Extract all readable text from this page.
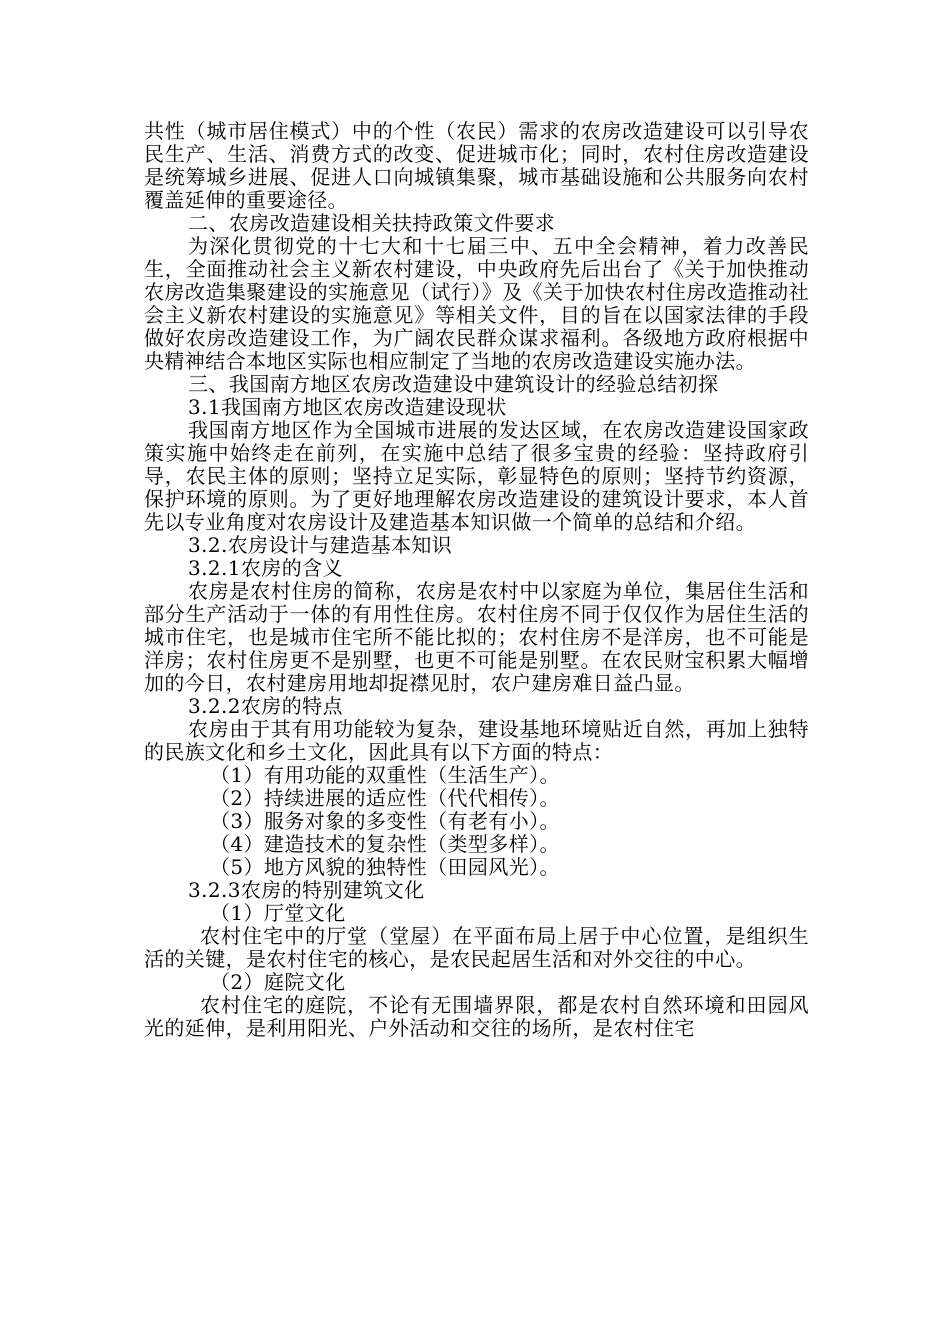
共性（城市居住模式）中的个性（农民）需求的农房改造建设可以引导农民生产、生活、消费方式的改变、促进城市化；同时，农村住房改造建设是统筹城乡进展、促进人口向城镇集聚，城市基础设施和公共服务向农村覆盖延伸的重要途径。

二、农房改造建设相关扶持政策文件要求

为深化贯彻党的十七大和十七届三中、五中全会精神，着力改善民生，全面推动社会主义新农村建设，中央政府先后出台了《关于加快推动农房改造集聚建设的实施意见（试行）》及《关于加快农村住房改造推动社会主义新农村建设的实施意见》等相关文件，目的旨在以国家法律的手段做好农房改造建设工作，为广阔农民群众谋求福利。各级地方政府根据中央精神结合本地区实际也相应制定了当地的农房改造建设实施办法。

三、我国南方地区农房改造建设中建筑设计的经验总结初探

3.1我国南方地区农房改造建设现状

我国南方地区作为全国城市进展的发达区域，在农房改造建设国家政策实施中始终走在前列，在实施中总结了很多宝贵的经验：坚持政府引导，农民主体的原则；坚持立足实际，彰显特色的原则；坚持节约资源，保护环境的原则。为了更好地理解农房改造建设的建筑设计要求，本人首先以专业角度对农房设计及建造基本知识做一个简单的总结和介绍。

3.2.农房设计与建造基本知识

3.2.1农房的含义

农房是农村住房的简称，农房是农村中以家庭为单位，集居住生活和部分生产活动于一体的有用性住房。农村住房不同于仅仅作为居住生活的城市住宅，也是城市住宅所不能比拟的；农村住房不是洋房，也不可能是洋房；农村住房更不是别墅，也更不可能是别墅。在农民财宝积累大幅增加的今日，农村建房用地却捉襟见肘，农户建房难日益凸显。

3.2.2农房的特点

农房由于其有用功能较为复杂，建设基地环境贴近自然，再加上独特的民族文化和乡土文化，因此具有以下方面的特点：

（1）有用功能的双重性（生活生产）。

（2）持续进展的适应性（代代相传）。

（3）服务对象的多变性（有老有小）。

（4）建造技术的复杂性（类型多样）。

（5）地方风貌的独特性（田园风光）。

3.2.3农房的特别建筑文化

（1）厅堂文化

农村住宅中的厅堂（堂屋）在平面布局上居于中心位置，是组织生活的关键，是农村住宅的核心，是农民起居生活和对外交往的中心。

（2）庭院文化

农村住宅的庭院，不论有无围墙界限，都是农村自然环境和田园风光的延伸，是利用阳光、户外活动和交往的场所，是农村住宅
